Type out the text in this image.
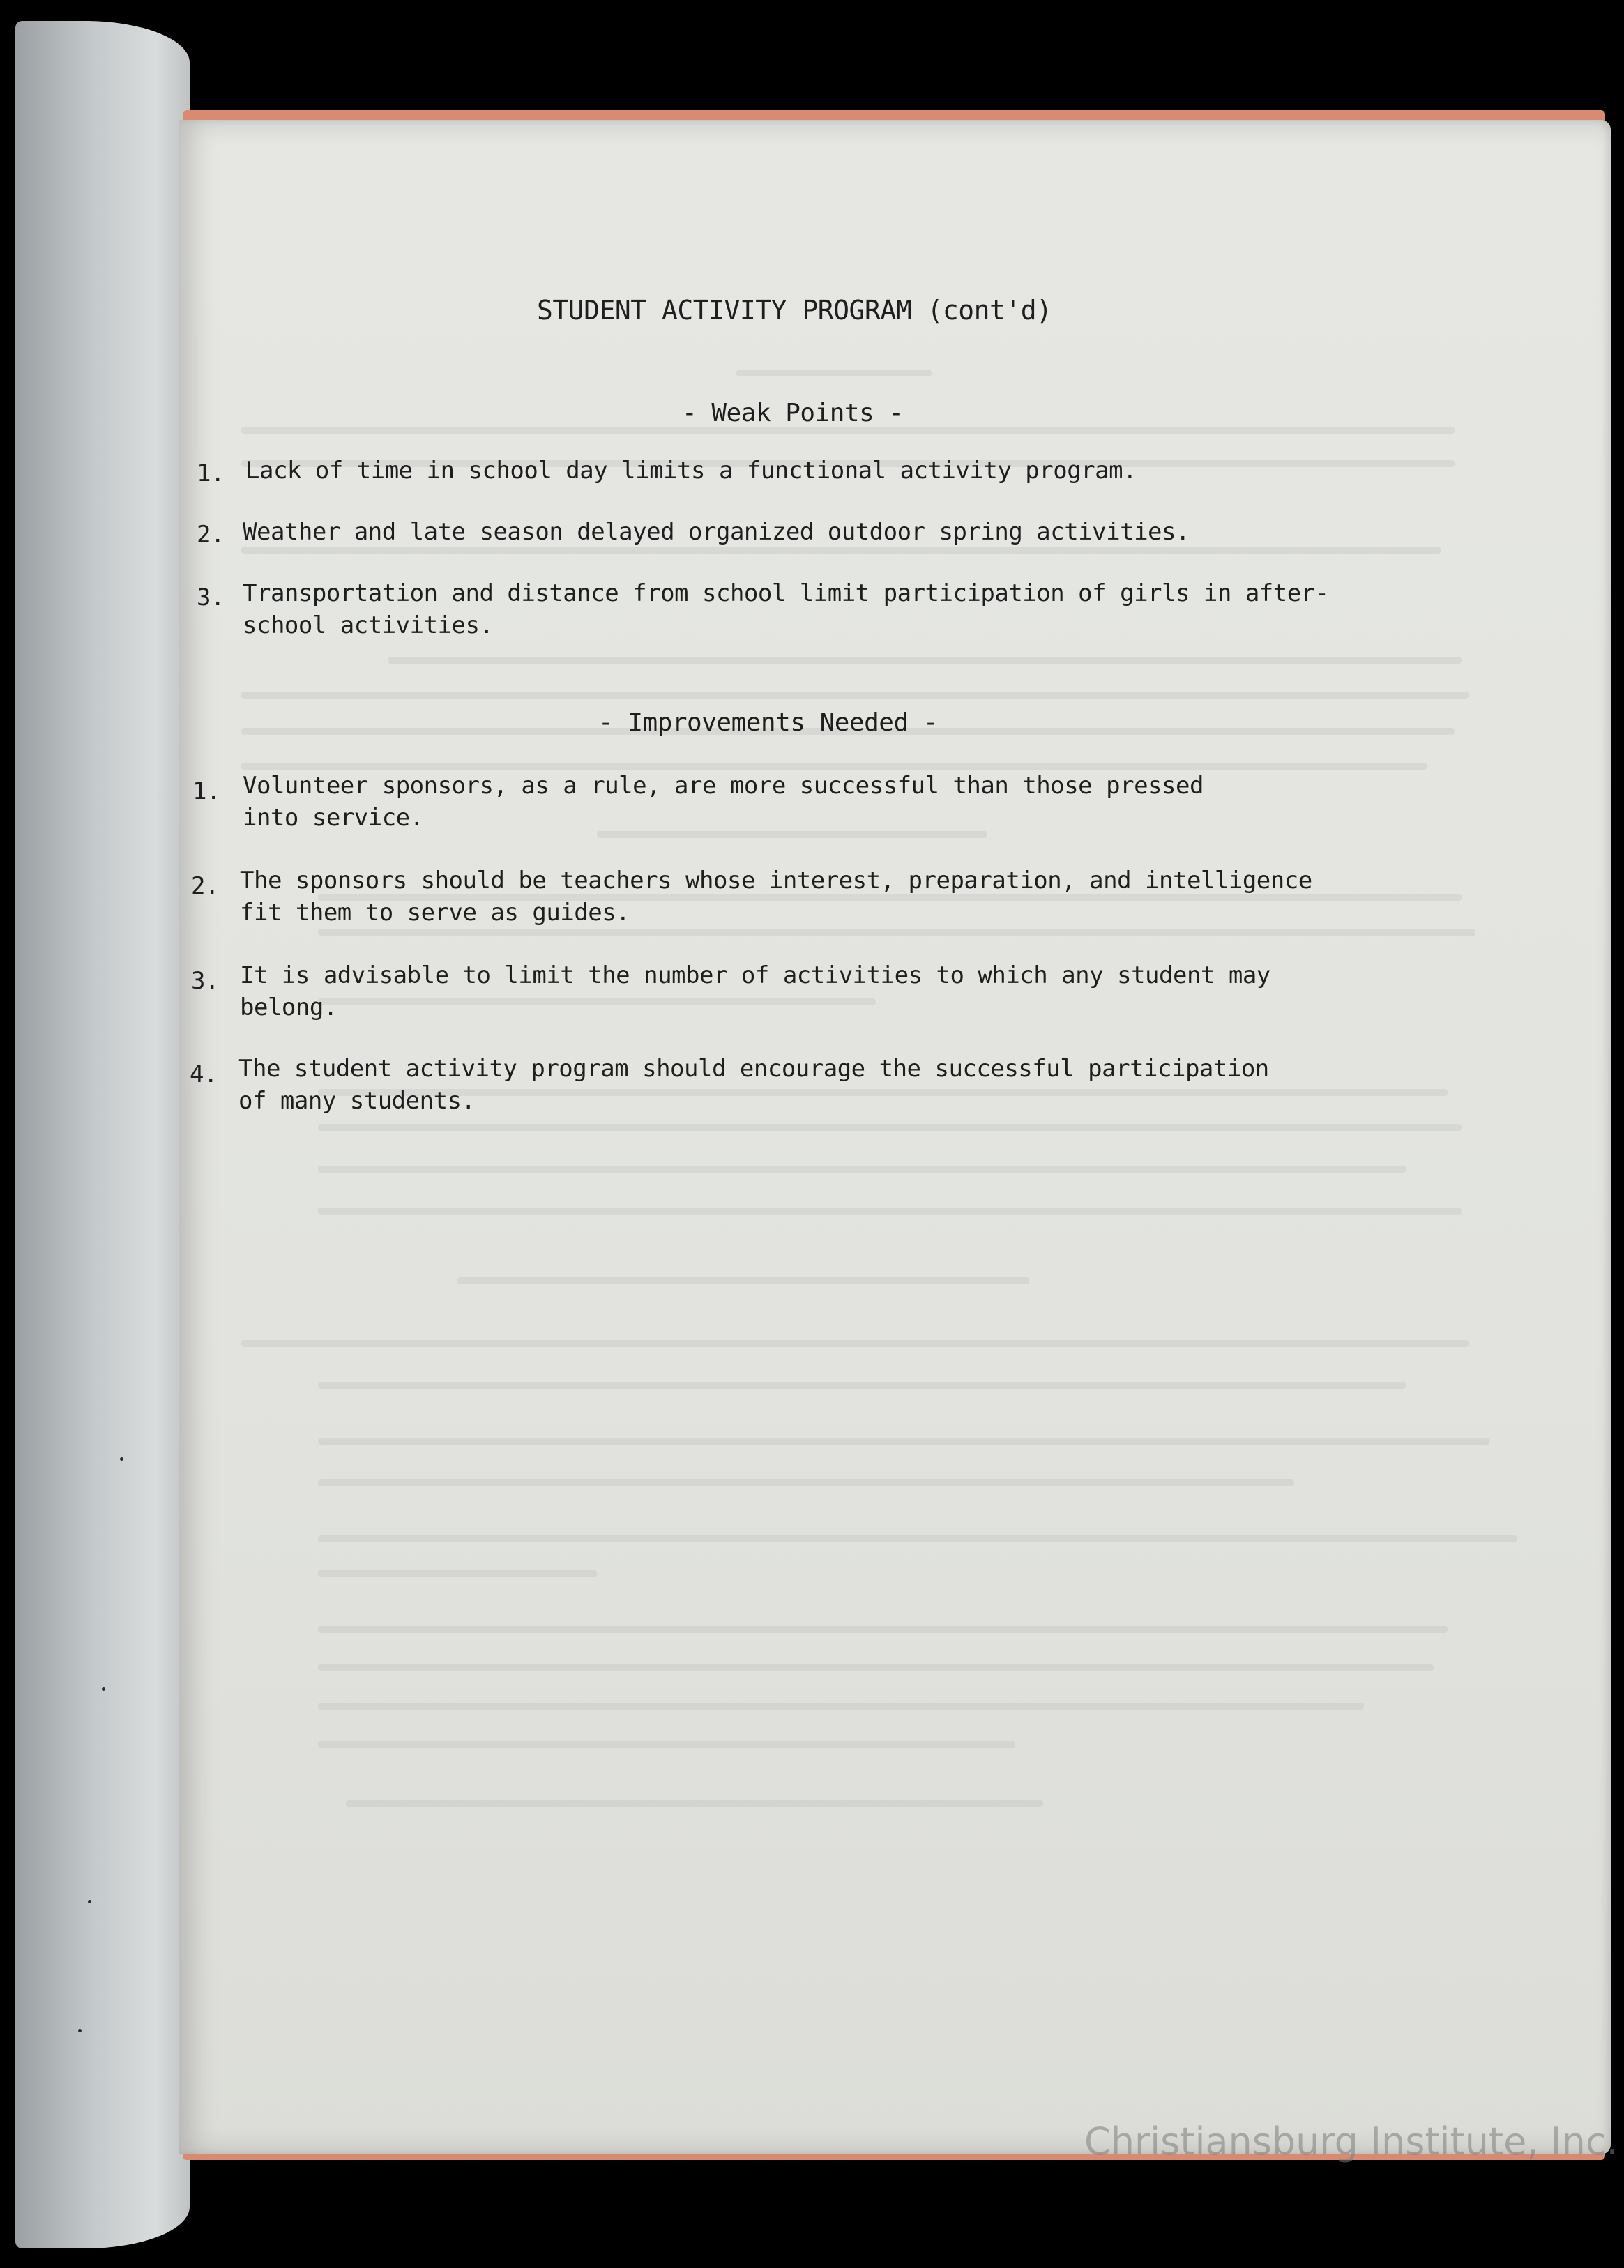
STUDENT ACTIVITY PROGRAM (cont'd)
- Weak Points -
1. Lack of time in school day limits a functional activity program.
2. Weather and late season delayed organized outdoor spring activities.
3. Transportation and distance from school limit participation of girls in after-
school activities.
- Improvements Needed -
1. Volunteer sponsors, as a rule, are more successful than those pressed
into service.
2. The sponsors should be teachers whose interest, preparation, and intelligence
fit them to serve as guides.
3. It is advisable to limit the number of activities to which any student may
belong.
4. The student activity program should encourage the successful participation
of many students.
Christiansburg Institute, Inc.
